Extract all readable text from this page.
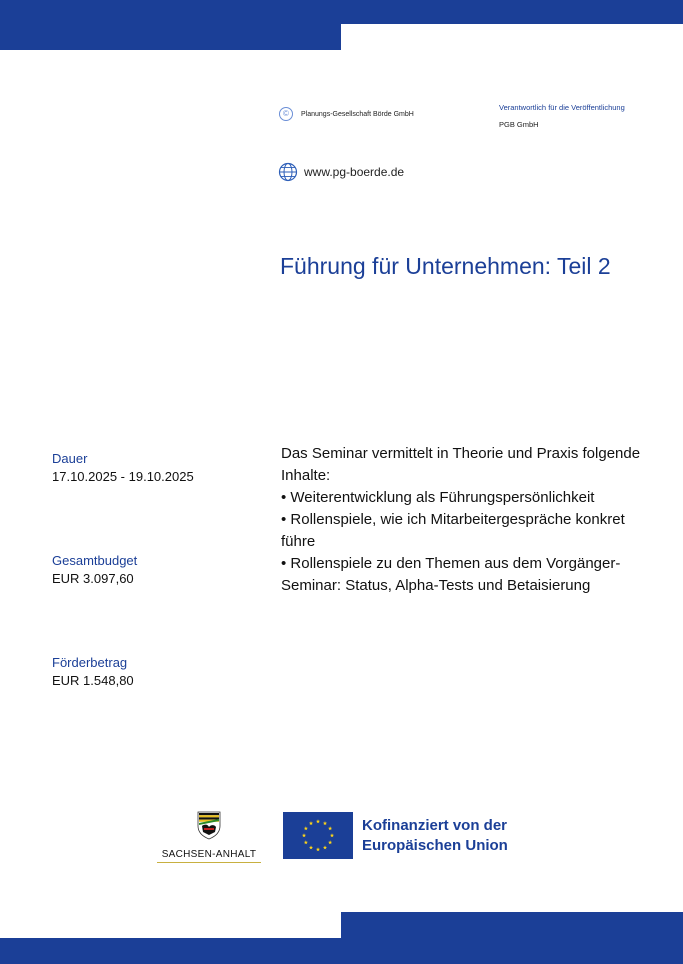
©	Planungs-Gesellschaft Börde GmbH
Verantwortlich für die Veröffentlichung
PGB GmbH
www.pg-boerde.de
Führung für Unternehmen: Teil 2
Dauer
17.10.2025 - 19.10.2025
Gesamtbudget
EUR 3.097,60
Förderbetrag
EUR 1.548,80

Das Seminar vermittelt in Theorie und Praxis folgende Inhalte:

• Weiterentwicklung als Führungspersönlichkeit

• Rollenspiele, wie ich Mitarbeitergespräche konkret führe

• Rollenspiele zu den Themen aus dem Vorgänger-Seminar: Status, Alpha-Tests und Betaisierung

SACHSEN-ANHALT
Kofinanziert von der
Europäischen Union
